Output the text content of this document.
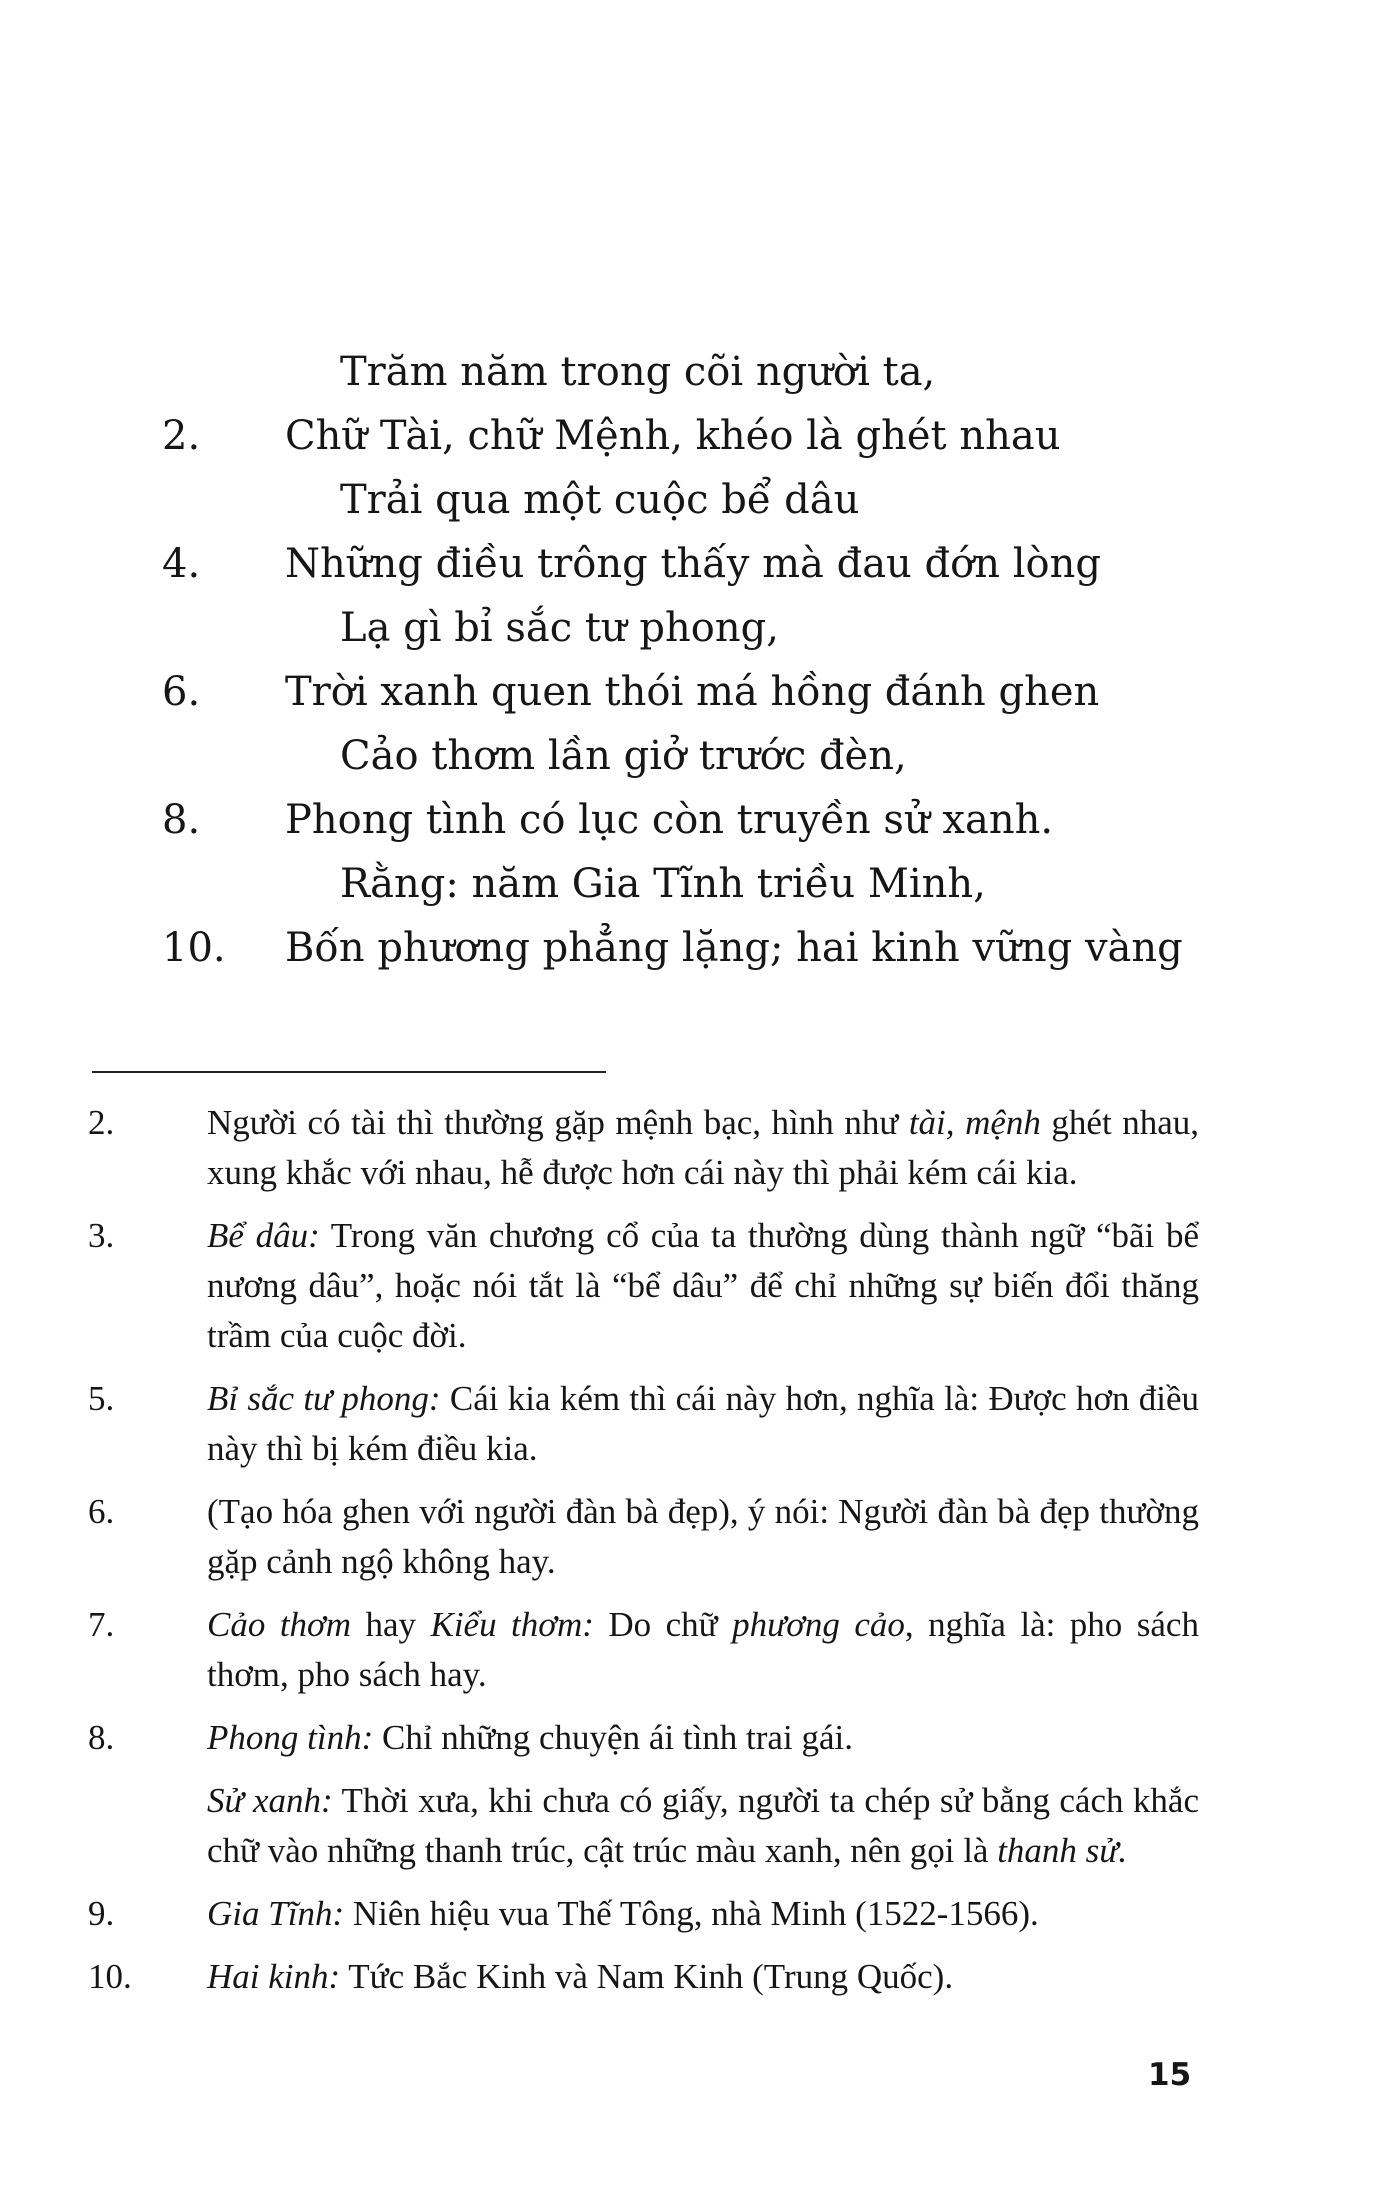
Trăm năm trong cõi người ta,
2. Chữ Tài, chữ Mệnh, khéo là ghét nhau
Trải qua một cuộc bể dâu
4. Những điều trông thấy mà đau đớn lòng
Lạ gì bỉ sắc tư phong,
6. Trời xanh quen thói má hồng đánh ghen
Cảo thơm lần giở trước đèn,
8. Phong tình có lục còn truyền sử xanh.
Rằng: năm Gia Tĩnh triều Minh,
10. Bốn phương phẳng lặng; hai kinh vững vàng
2.	Người có tài thì thường gặp mệnh bạc, hình như tài, mệnh ghét nhau, xung khắc với nhau, hễ được hơn cái này thì phải kém cái kia.
3.	Bể dâu: Trong văn chương cổ của ta thường dùng thành ngữ “bãi bể nương dâu”, hoặc nói tắt là “bể dâu” để chỉ những sự biến đổi thăng trầm của cuộc đời.
5.	Bỉ sắc tư phong: Cái kia kém thì cái này hơn, nghĩa là: Được hơn điều này thì bị kém điều kia.
6.	(Tạo hóa ghen với người đàn bà đẹp), ý nói: Người đàn bà đẹp thường gặp cảnh ngộ không hay.
7.	Cảo thơm hay Kiểu thơm: Do chữ phương cảo, nghĩa là: pho sách thơm, pho sách hay.
8.	Phong tình: Chỉ những chuyện ái tình trai gái.
Sử xanh: Thời xưa, khi chưa có giấy, người ta chép sử bằng cách khắc chữ vào những thanh trúc, cật trúc màu xanh, nên gọi là thanh sử.
9.	Gia Tĩnh: Niên hiệu vua Thế Tông, nhà Minh (1522-1566).
10. Hai kinh: Tức Bắc Kinh và Nam Kinh (Trung Quốc).
15
